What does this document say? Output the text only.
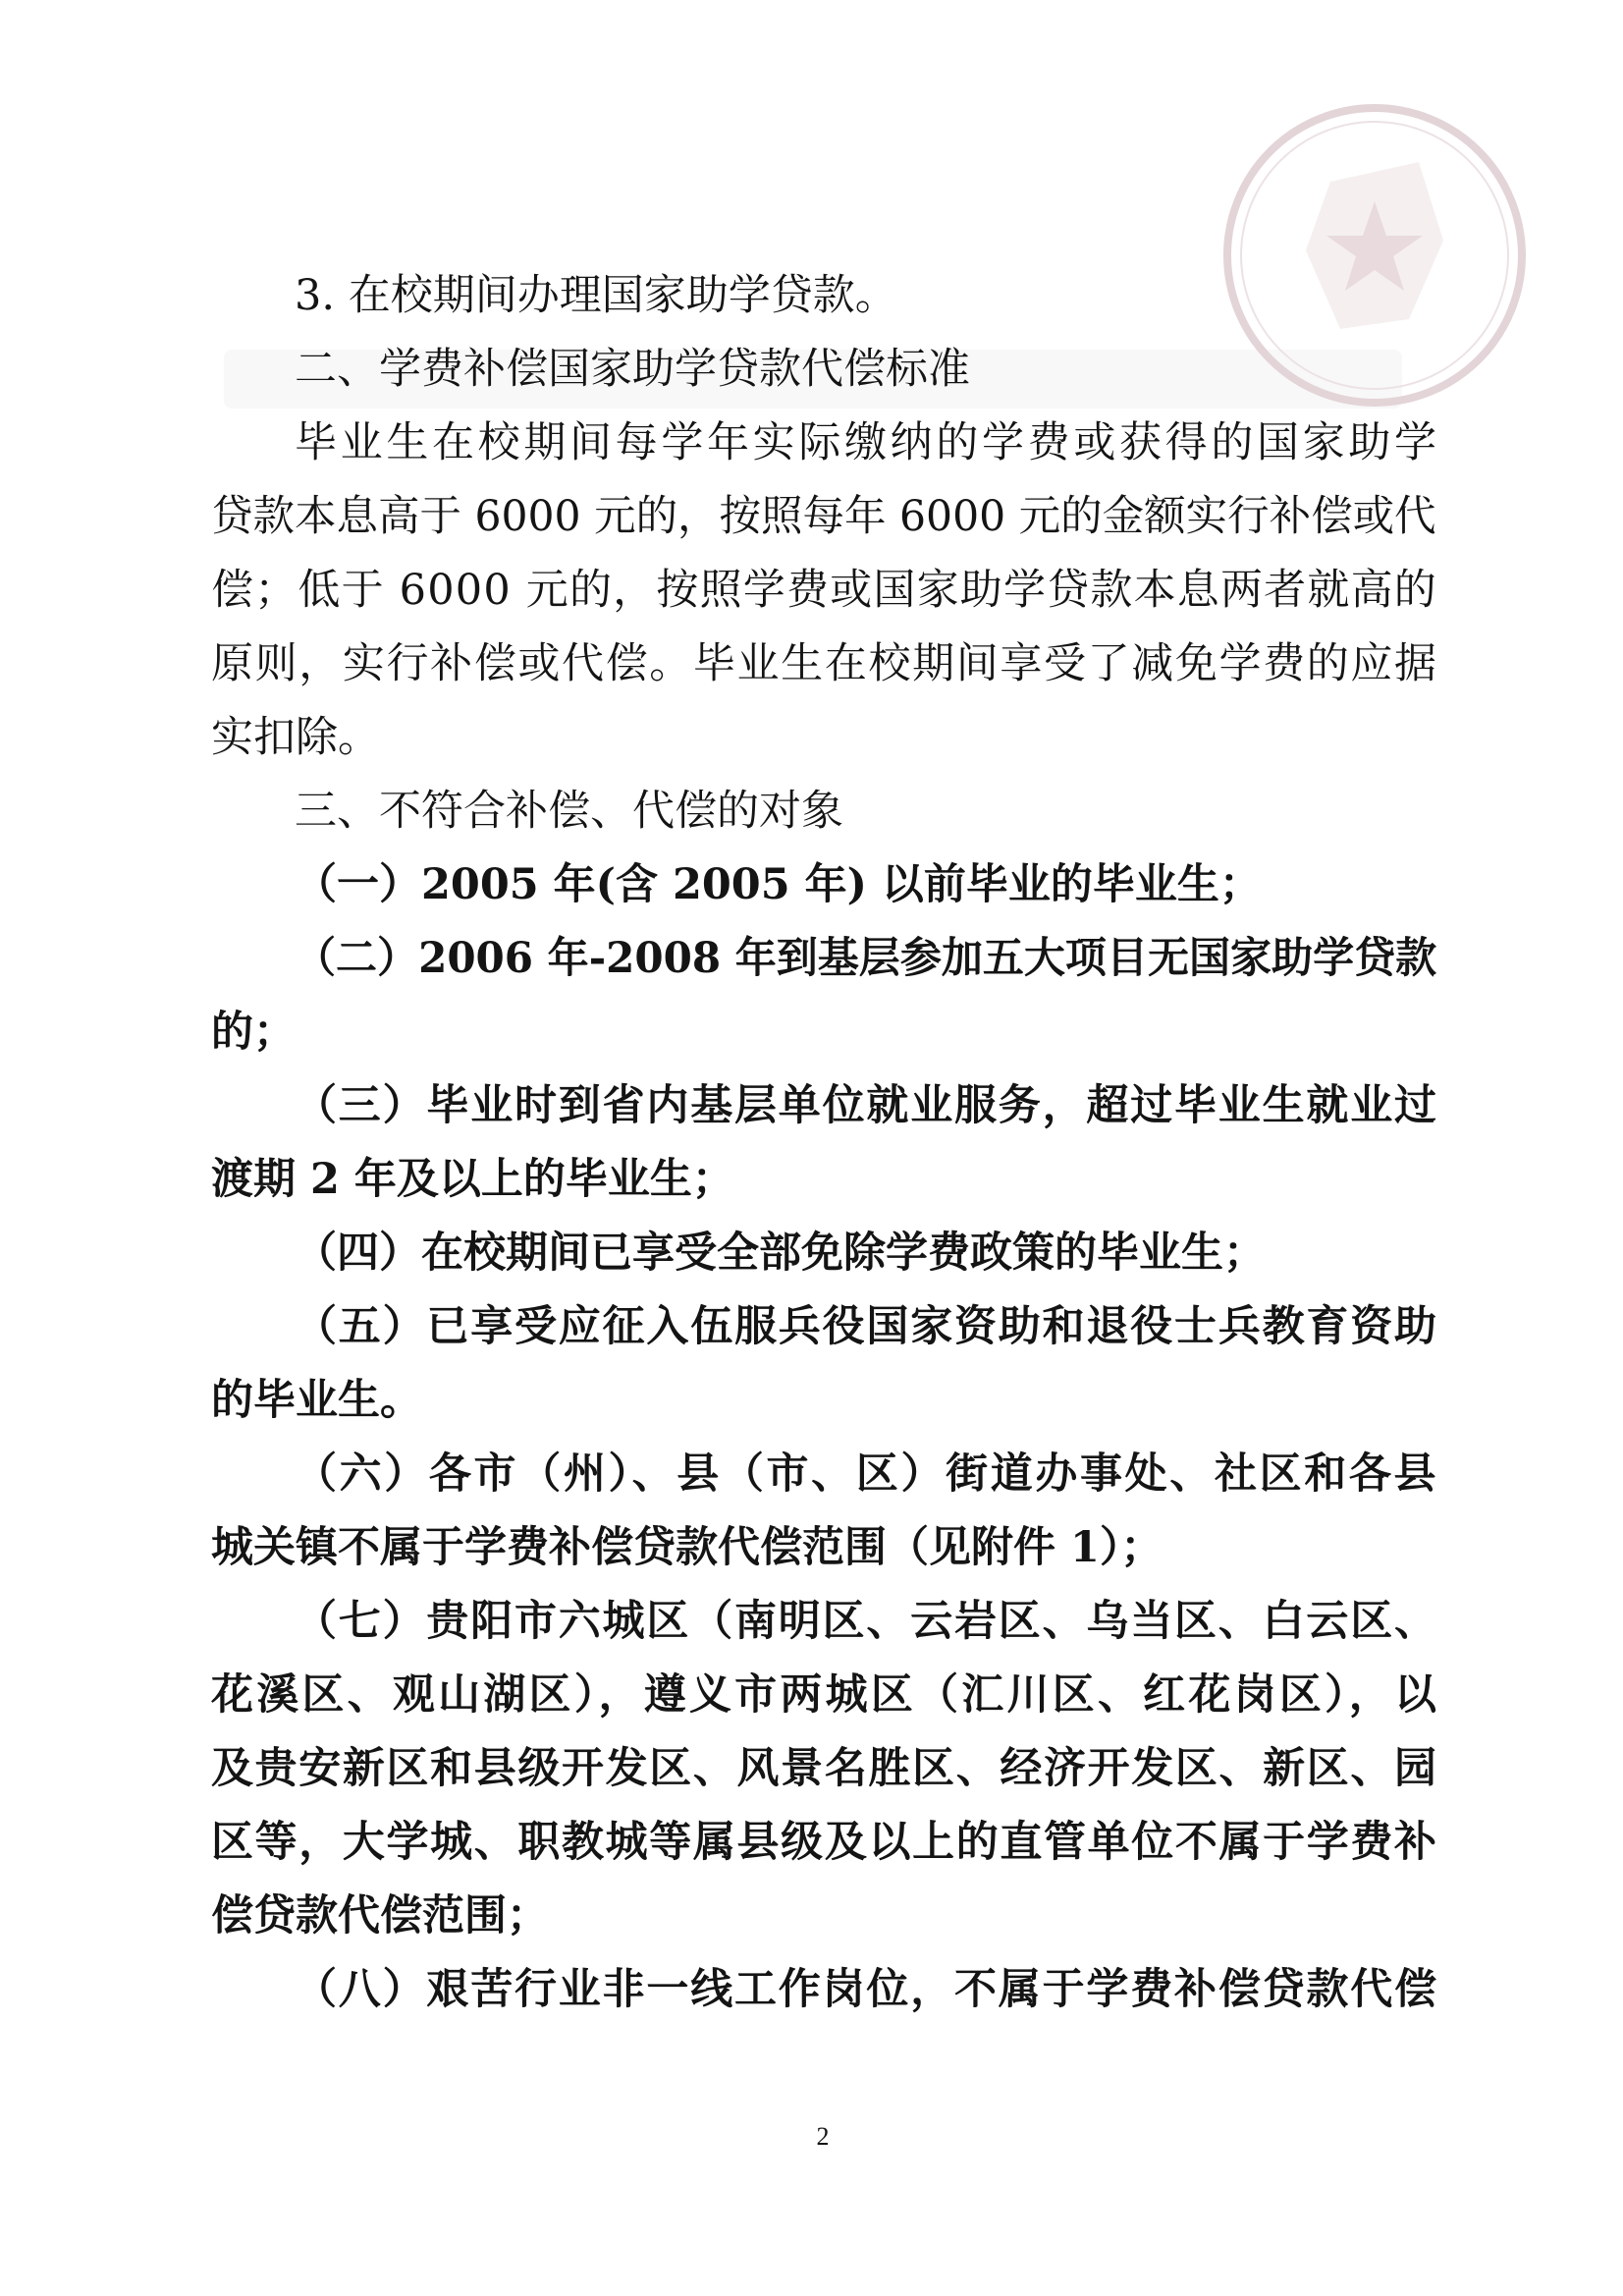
3. 在校期间办理国家助学贷款。

二、学费补偿国家助学贷款代偿标准

毕业生在校期间每学年实际缴纳的学费或获得的国家助学

贷款本息高于 6000 元的，按照每年 6000 元的金额实行补偿或代

偿；低于 6000 元的，按照学费或国家助学贷款本息两者就高的

原则，实行补偿或代偿。毕业生在校期间享受了减免学费的应据

实扣除。

三、不符合补偿、代偿的对象

（一）2005 年(含 2005 年) 以前毕业的毕业生；

（二）2006 年-2008 年到基层参加五大项目无国家助学贷款

的；

（三）毕业时到省内基层单位就业服务，超过毕业生就业过

渡期 2 年及以上的毕业生；

（四）在校期间已享受全部免除学费政策的毕业生；

（五）已享受应征入伍服兵役国家资助和退役士兵教育资助

的毕业生。

（六）各市（州）、县（市、区）街道办事处、社区和各县

城关镇不属于学费补偿贷款代偿范围（见附件 1）；

（七）贵阳市六城区（南明区、云岩区、乌当区、白云区、

花溪区、观山湖区），遵义市两城区（汇川区、红花岗区），以

及贵安新区和县级开发区、风景名胜区、经济开发区、新区、园

区等，大学城、职教城等属县级及以上的直管单位不属于学费补

偿贷款代偿范围；

（八）艰苦行业非一线工作岗位，不属于学费补偿贷款代偿

2
